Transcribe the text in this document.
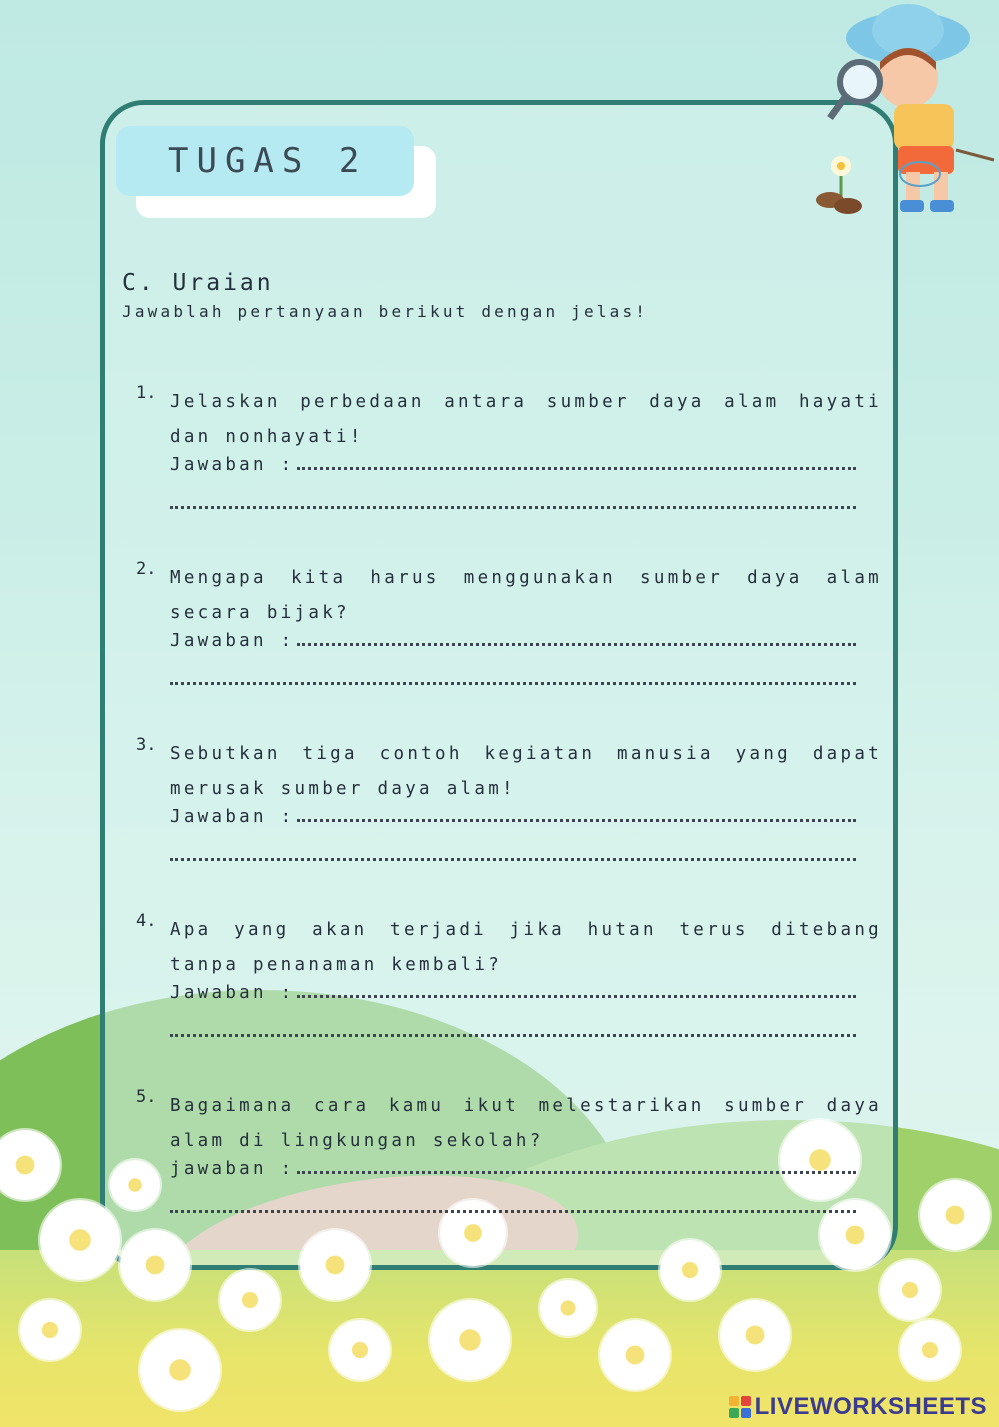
TUGAS 2
C. Uraian
Jawablah pertanyaan berikut dengan jelas!
1. Jelaskan perbedaan antara sumber daya alam hayati dan nonhayati!
Jawaban :
2. Mengapa kita harus menggunakan sumber daya alam secara bijak?
Jawaban :
3. Sebutkan tiga contoh kegiatan manusia yang dapat merusak sumber daya alam!
Jawaban :
4. Apa yang akan terjadi jika hutan terus ditebang tanpa penanaman kembali?
Jawaban :
5. Bagaimana cara kamu ikut melestarikan sumber daya alam di lingkungan sekolah?
jawaban :
LIVEWORKSHEETS
